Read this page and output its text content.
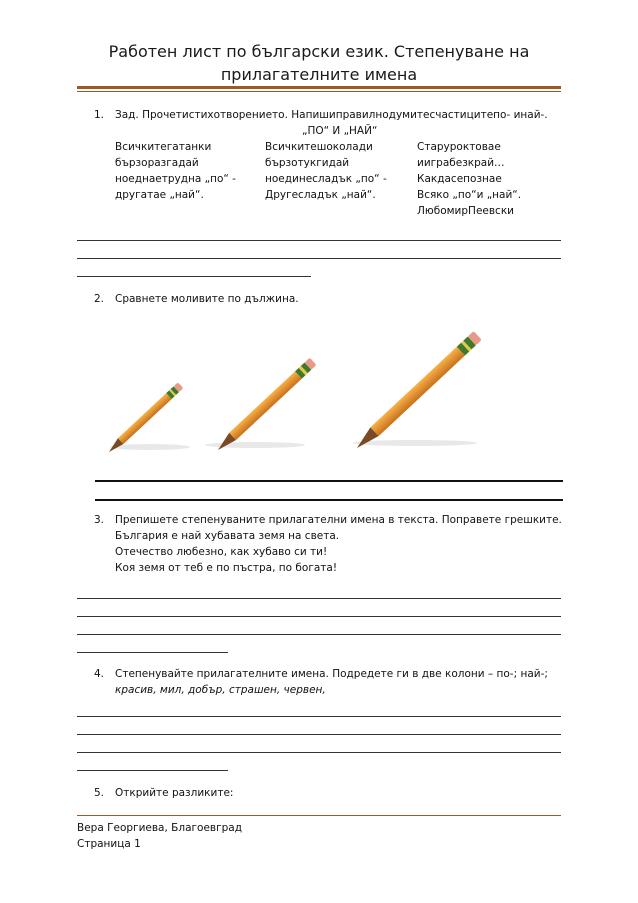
Работен лист по български език. Степенуване на
прилагателните имена
1. Зад. Прочетистихотворението. Напишиправилнодумитесчастицитепо- инай-.
„ПО“ И „НАЙ“
Всичкитегатанки
бързоразгадай
ноеднаетрудна „по“ -
другатае „най“.
Всичкитешоколади
бързотукгидай
ноединесладък „по“ -
Другесладък „най“.
Старуроктовае
ииграбезкрай…
Какдасепознае
Всяко „по“и „най“.
ЛюбомирПеевски
2. Сравнете моливите по дължина.
3. Препишете степенуваните прилагателни имена в текста. Поправете грешките.
България е най хубавата земя на света.
Отечество любезно, как хубаво си ти!
Коя земя от теб е по пъстра, по богата!
4. Степенувайте прилагателните имена. Подредете ги в две колони – по-; най-;
красив, мил, добър, страшен, червен,
5. Открийте разликите:
Вера Георгиева, Благоевград
Страница 1
